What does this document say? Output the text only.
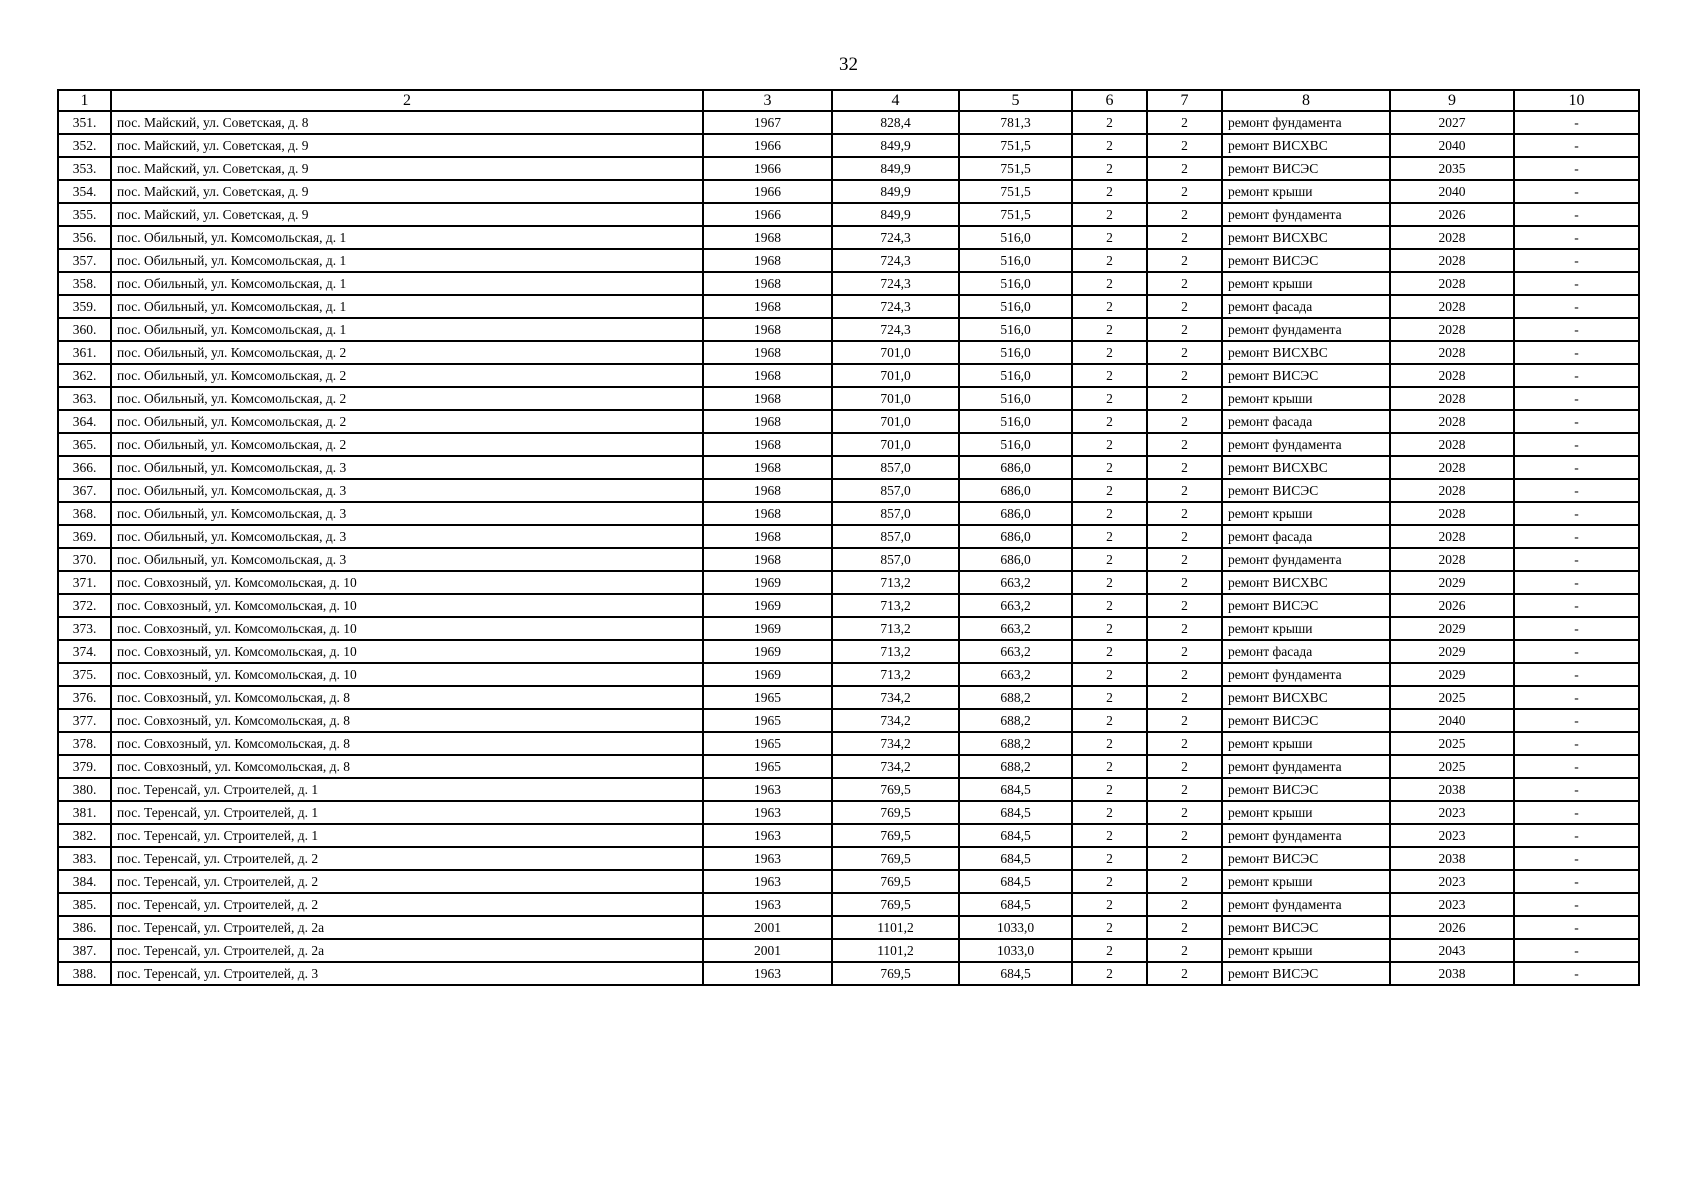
32
1	2	3	4	5	6	7	8	9	10
351.	пос. Майский, ул. Советская, д. 8	1967	828,4	781,3	2	2	ремонт фундамента	2027	-
352.	пос. Майский, ул. Советская, д. 9	1966	849,9	751,5	2	2	ремонт ВИСХВС	2040	-
353.	пос. Майский, ул. Советская, д. 9	1966	849,9	751,5	2	2	ремонт ВИСЭС	2035	-
354.	пос. Майский, ул. Советская, д. 9	1966	849,9	751,5	2	2	ремонт крыши	2040	-
355.	пос. Майский, ул. Советская, д. 9	1966	849,9	751,5	2	2	ремонт фундамента	2026	-
356.	пос. Обильный, ул. Комсомольская, д. 1	1968	724,3	516,0	2	2	ремонт ВИСХВС	2028	-
357.	пос. Обильный, ул. Комсомольская, д. 1	1968	724,3	516,0	2	2	ремонт ВИСЭС	2028	-
358.	пос. Обильный, ул. Комсомольская, д. 1	1968	724,3	516,0	2	2	ремонт крыши	2028	-
359.	пос. Обильный, ул. Комсомольская, д. 1	1968	724,3	516,0	2	2	ремонт фасада	2028	-
360.	пос. Обильный, ул. Комсомольская, д. 1	1968	724,3	516,0	2	2	ремонт фундамента	2028	-
361.	пос. Обильный, ул. Комсомольская, д. 2	1968	701,0	516,0	2	2	ремонт ВИСХВС	2028	-
362.	пос. Обильный, ул. Комсомольская, д. 2	1968	701,0	516,0	2	2	ремонт ВИСЭС	2028	-
363.	пос. Обильный, ул. Комсомольская, д. 2	1968	701,0	516,0	2	2	ремонт крыши	2028	-
364.	пос. Обильный, ул. Комсомольская, д. 2	1968	701,0	516,0	2	2	ремонт фасада	2028	-
365.	пос. Обильный, ул. Комсомольская, д. 2	1968	701,0	516,0	2	2	ремонт фундамента	2028	-
366.	пос. Обильный, ул. Комсомольская, д. 3	1968	857,0	686,0	2	2	ремонт ВИСХВС	2028	-
367.	пос. Обильный, ул. Комсомольская, д. 3	1968	857,0	686,0	2	2	ремонт ВИСЭС	2028	-
368.	пос. Обильный, ул. Комсомольская, д. 3	1968	857,0	686,0	2	2	ремонт крыши	2028	-
369.	пос. Обильный, ул. Комсомольская, д. 3	1968	857,0	686,0	2	2	ремонт фасада	2028	-
370.	пос. Обильный, ул. Комсомольская, д. 3	1968	857,0	686,0	2	2	ремонт фундамента	2028	-
371.	пос. Совхозный, ул. Комсомольская, д. 10	1969	713,2	663,2	2	2	ремонт ВИСХВС	2029	-
372.	пос. Совхозный, ул. Комсомольская, д. 10	1969	713,2	663,2	2	2	ремонт ВИСЭС	2026	-
373.	пос. Совхозный, ул. Комсомольская, д. 10	1969	713,2	663,2	2	2	ремонт крыши	2029	-
374.	пос. Совхозный, ул. Комсомольская, д. 10	1969	713,2	663,2	2	2	ремонт фасада	2029	-
375.	пос. Совхозный, ул. Комсомольская, д. 10	1969	713,2	663,2	2	2	ремонт фундамента	2029	-
376.	пос. Совхозный, ул. Комсомольская, д. 8	1965	734,2	688,2	2	2	ремонт ВИСХВС	2025	-
377.	пос. Совхозный, ул. Комсомольская, д. 8	1965	734,2	688,2	2	2	ремонт ВИСЭС	2040	-
378.	пос. Совхозный, ул. Комсомольская, д. 8	1965	734,2	688,2	2	2	ремонт крыши	2025	-
379.	пос. Совхозный, ул. Комсомольская, д. 8	1965	734,2	688,2	2	2	ремонт фундамента	2025	-
380.	пос. Теренсай, ул. Строителей, д. 1	1963	769,5	684,5	2	2	ремонт ВИСЭС	2038	-
381.	пос. Теренсай, ул. Строителей, д. 1	1963	769,5	684,5	2	2	ремонт крыши	2023	-
382.	пос. Теренсай, ул. Строителей, д. 1	1963	769,5	684,5	2	2	ремонт фундамента	2023	-
383.	пос. Теренсай, ул. Строителей, д. 2	1963	769,5	684,5	2	2	ремонт ВИСЭС	2038	-
384.	пос. Теренсай, ул. Строителей, д. 2	1963	769,5	684,5	2	2	ремонт крыши	2023	-
385.	пос. Теренсай, ул. Строителей, д. 2	1963	769,5	684,5	2	2	ремонт фундамента	2023	-
386.	пос. Теренсай, ул. Строителей, д. 2а	2001	1101,2	1033,0	2	2	ремонт ВИСЭС	2026	-
387.	пос. Теренсай, ул. Строителей, д. 2а	2001	1101,2	1033,0	2	2	ремонт крыши	2043	-
388.	пос. Теренсай, ул. Строителей, д. 3	1963	769,5	684,5	2	2	ремонт ВИСЭС	2038	-
